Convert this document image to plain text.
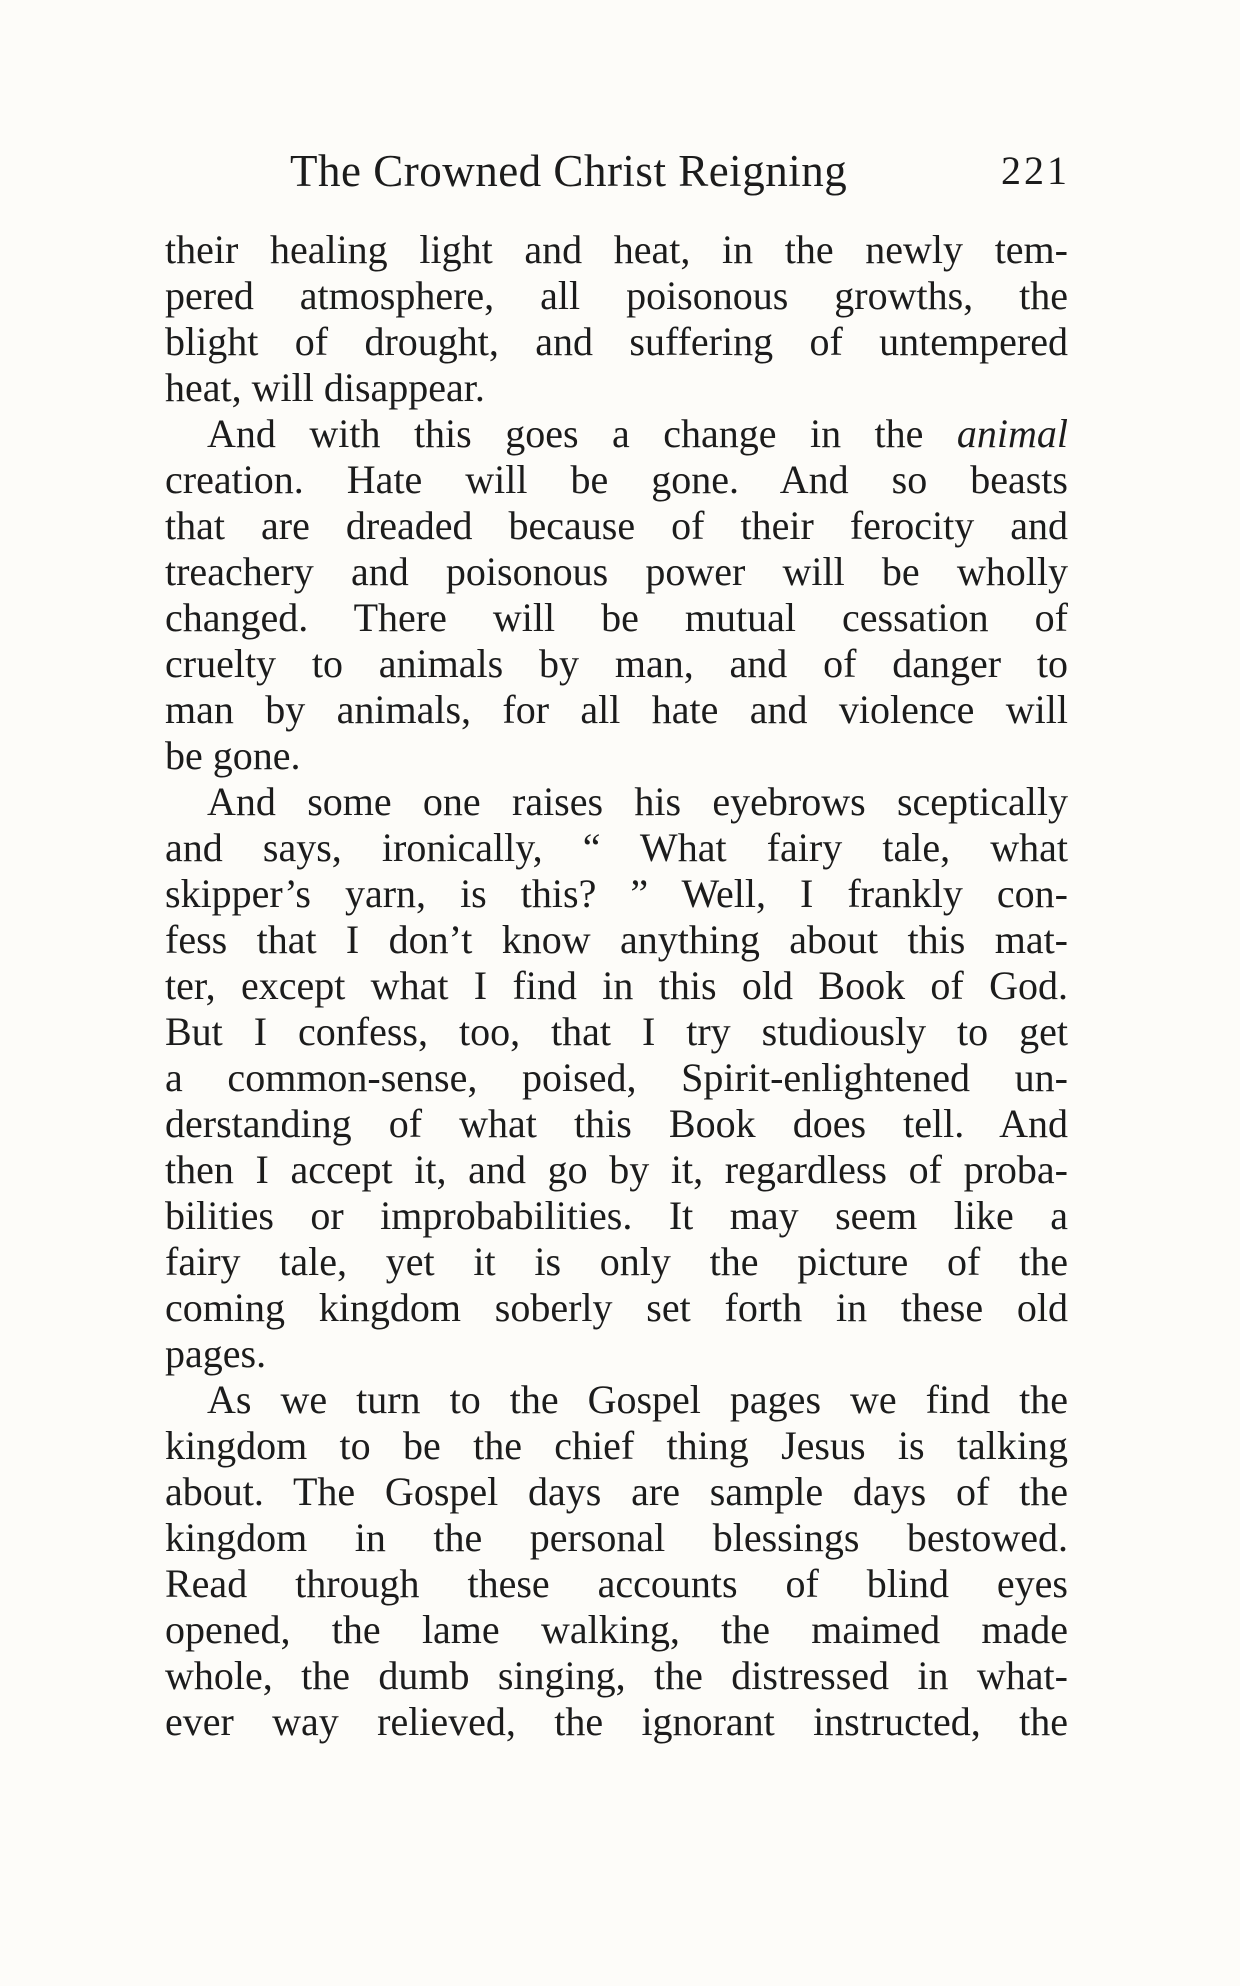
The Crowned Christ Reigning	221
their healing light and heat, in the newly tem-
pered atmosphere, all poisonous growths, the
blight of drought, and suffering of untempered
heat, will disappear.
And with this goes a change in the animal
creation. Hate will be gone. And so beasts
that are dreaded because of their ferocity and
treachery and poisonous power will be wholly
changed. There will be mutual cessation of
cruelty to animals by man, and of danger to
man by animals, for all hate and violence will
be gone.
And some one raises his eyebrows sceptically
and says, ironically, “ What fairy tale, what
skipper’s yarn, is this? ” Well, I frankly con-
fess that I don’t know anything about this mat-
ter, except what I find in this old Book of God.
But I confess, too, that I try studiously to get
a common-sense, poised, Spirit-enlightened un-
derstanding of what this Book does tell. And
then I accept it, and go by it, regardless of proba-
bilities or improbabilities. It may seem like a
fairy tale, yet it is only the picture of the
coming kingdom soberly set forth in these old
pages.
As we turn to the Gospel pages we find the
kingdom to be the chief thing Jesus is talking
about. The Gospel days are sample days of the
kingdom in the personal blessings bestowed.
Read through these accounts of blind eyes
opened, the lame walking, the maimed made
whole, the dumb singing, the distressed in what-
ever way relieved, the ignorant instructed, the
